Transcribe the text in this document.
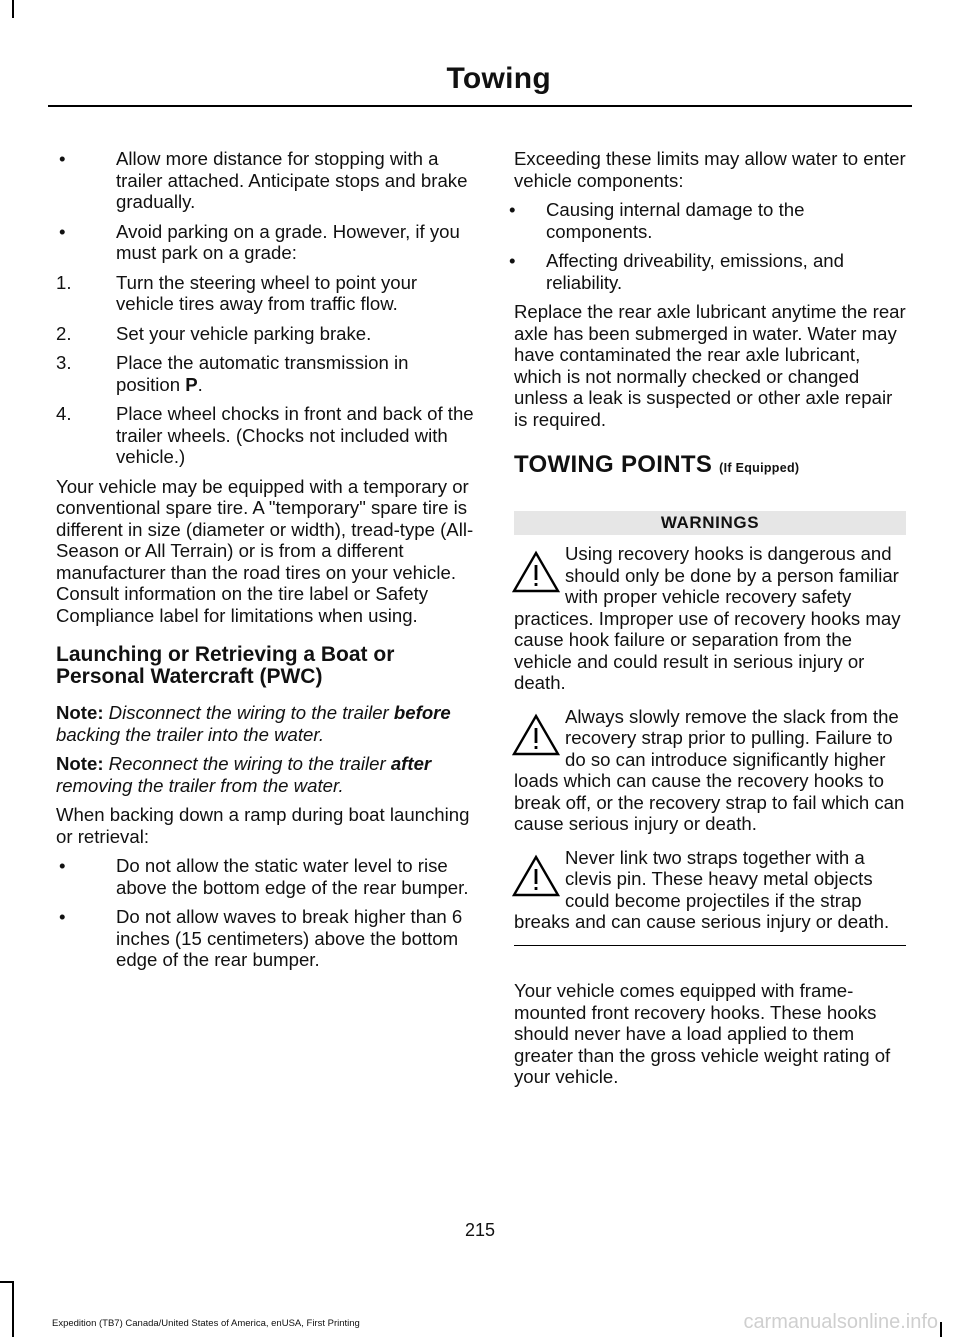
Towing
•	Allow more distance for stopping with a trailer attached. Anticipate stops and brake gradually.
•	Avoid parking on a grade. However, if you must park on a grade:
1. Turn the steering wheel to point your vehicle tires away from traffic flow.
2. Set your vehicle parking brake.
3. Place the automatic transmission in position P.
4. Place wheel chocks in front and back of the trailer wheels. (Chocks not included with vehicle.)

Your vehicle may be equipped with a temporary or conventional spare tire. A "temporary" spare tire is different in size (diameter or width), tread-type (All-Season or All Terrain) or is from a different manufacturer than the road tires on your vehicle. Consult information on the tire label or Safety Compliance label for limitations when using.

Launching or Retrieving a Boat or Personal Watercraft (PWC)

Note: Disconnect the wiring to the trailer before backing the trailer into the water.

Note: Reconnect the wiring to the trailer after removing the trailer from the water.

When backing down a ramp during boat launching or retrieval:

•	Do not allow the static water level to rise above the bottom edge of the rear bumper.
•	Do not allow waves to break higher than 6 inches (15 centimeters) above the bottom edge of the rear bumper.

Exceeding these limits may allow water to enter vehicle components:

• Causing internal damage to the components.
• Affecting driveability, emissions, and reliability.

Replace the rear axle lubricant anytime the rear axle has been submerged in water. Water may have contaminated the rear axle lubricant, which is not normally checked or changed unless a leak is suspected or other axle repair is required.

TOWING POINTS (If Equipped)
WARNINGS

Using recovery hooks is dangerous and should only be done by a person familiar with proper vehicle recovery safety practices. Improper use of recovery hooks may cause hook failure or separation from the vehicle and could result in serious injury or death.

Always slowly remove the slack from the recovery strap prior to pulling. Failure to do so can introduce significantly higher loads which can cause the recovery hooks to break off, or the recovery strap to fail which can cause serious injury or death.

Never link two straps together with a clevis pin. These heavy metal objects could become projectiles if the strap breaks and can cause serious injury or death.

Your vehicle comes equipped with frame-mounted front recovery hooks. These hooks should never have a load applied to them greater than the gross vehicle weight rating of your vehicle.

215
Expedition (TB7) Canada/United States of America, enUSA, First Printing	carmanualsonline.info
